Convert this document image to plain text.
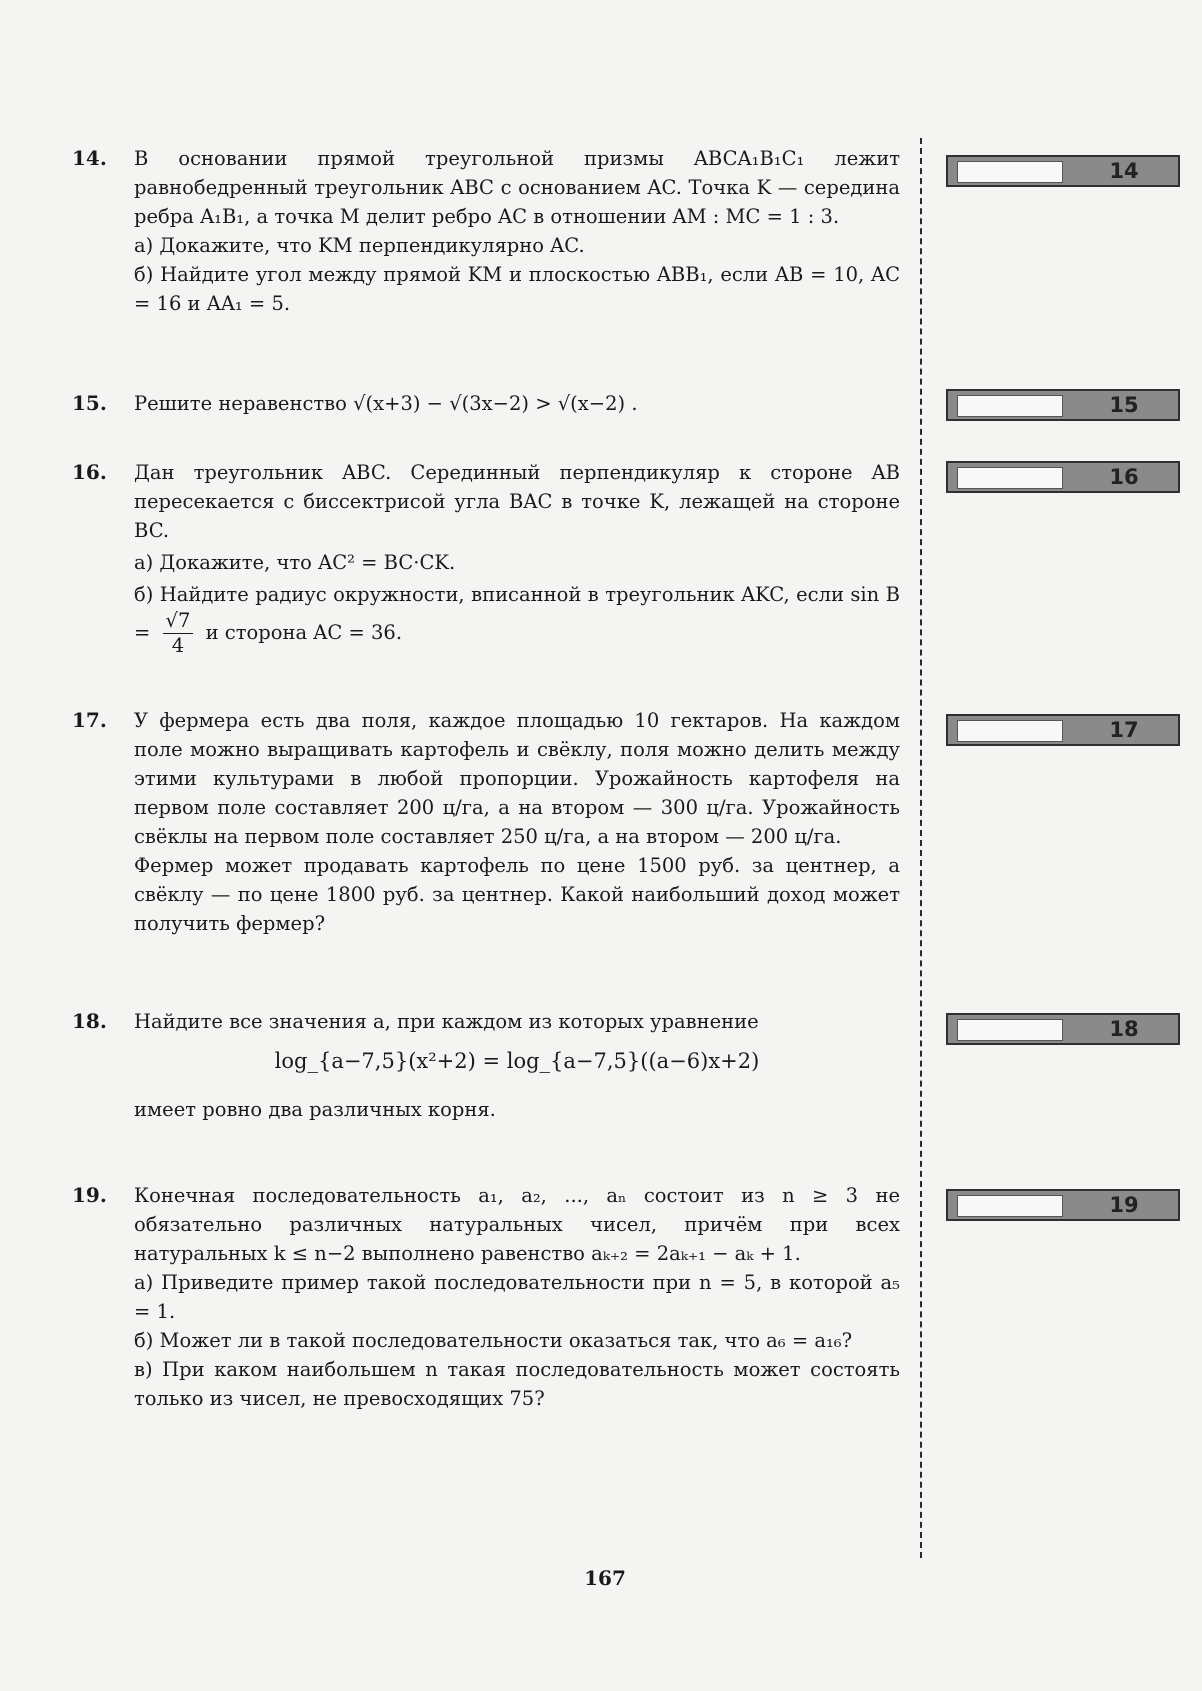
14.	В основании прямой треугольной призмы ABCA₁B₁C₁ лежит равнобедренный треугольник ABC с основанием AC. Точка K — середина ребра A₁B₁, а точка M делит ребро AC в отношении AM : MC = 1 : 3.

а) Докажите, что KM перпендикулярно AC.

б) Найдите угол между прямой KM и плоскостью ABB₁, если AB = 10, AC = 16 и AA₁ = 5.

15.	Решите неравенство √(x+3) − √(3x−2) > √(x−2) .

16.	Дан треугольник ABC. Серединный перпендикуляр к стороне AB пересекается с биссектрисой угла BAC в точке K, лежащей на стороне BC.

а) Докажите, что AC² = BC·CK.

б) Найдите радиус окружности, вписанной в треугольник AKC, если $\sin B = \frac{√7}{4}$ и сторона AC = 36.

17.	У фермера есть два поля, каждое площадью 10 гектаров. На каждом поле можно выращивать картофель и свёклу, поля можно делить между этими культурами в любой пропорции. Урожайность картофеля на первом поле составляет 200 ц/га, а на втором — 300 ц/га. Урожайность свёклы на первом поле составляет 250 ц/га, а на втором — 200 ц/га.

Фермер может продавать картофель по цене 1500 руб. за центнер, а свёклу — по цене 1800 руб. за центнер. Какой наибольший доход может получить фермер?

18.	Найдите все значения a, при каждом из которых уравнение

log_{a−7,5}(x²+2) = log_{a−7,5}((a−6)x+2)

имеет ровно два различных корня.

19.	Конечная последовательность a₁, a₂, ..., aₙ состоит из n ≥ 3 не обязательно различных натуральных чисел, причём при всех натуральных k ≤ n−2 выполнено равенство aₖ₊₂ = 2aₖ₊₁ − aₖ + 1.

а) Приведите пример такой последовательности при n = 5, в которой a₅ = 1.

б) Может ли в такой последовательности оказаться так, что a₆ = a₁₆?

в) При каком наибольшем n такая последовательность может состоять только из чисел, не превосходящих 75?

14
15
16
17
18
19
167
